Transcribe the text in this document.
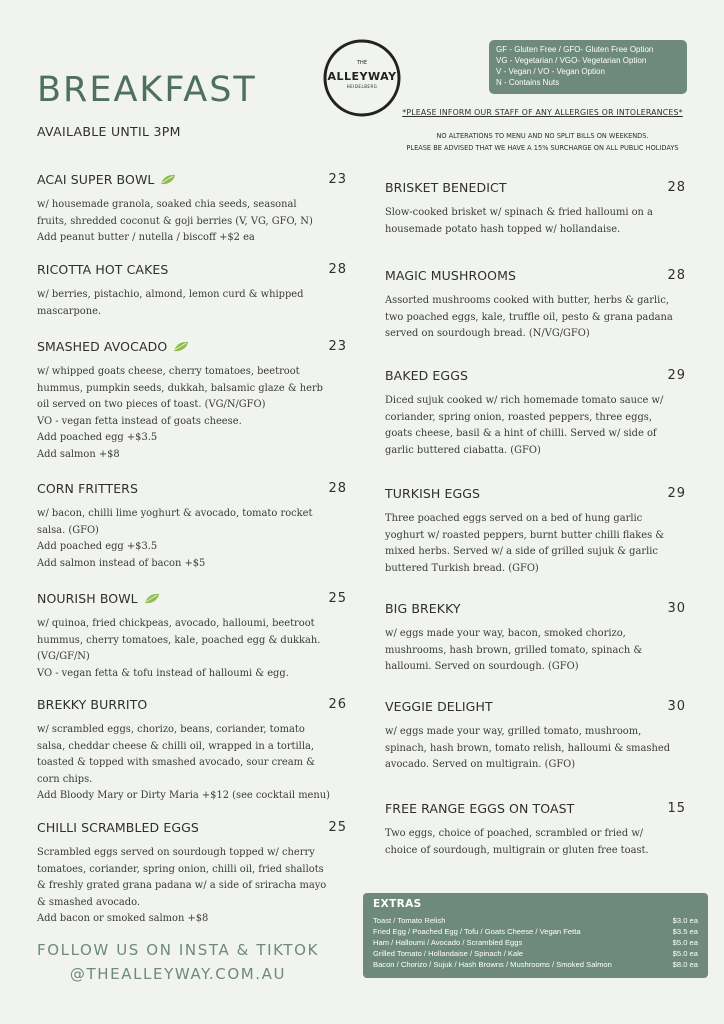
BREAKFAST
AVAILABLE UNTIL 3PM
THE
ALLEYWAY
HEIDELBERG
GF - Gluten Free / GFO- Gluten Free Option
VG - Vegetarian / VGO- Vegetarian Option
V - Vegan / VO - Vegan Option
N - Contains Nuts
*PLEASE INFORM OUR STAFF OF ANY ALLERGIES OR INTOLERANCES*
NO ALTERATIONS TO MENU AND NO SPLIT BILLS ON WEEKENDS.
PLEASE BE ADVISED THAT WE HAVE A 15% SURCHARGE ON ALL PUBLIC HOLIDAYS
ACAI SUPER BOWL	23
w/ housemade granola, soaked chia seeds, seasonal
fruits, shredded coconut & goji berries (V, VG, GFO, N)
Add peanut butter / nutella / biscoff +$2 ea
RICOTTA HOT CAKES	28
w/ berries, pistachio, almond, lemon curd & whipped
mascarpone.
SMASHED AVOCADO	23
w/ whipped goats cheese, cherry tomatoes, beetroot
hummus, pumpkin seeds, dukkah, balsamic glaze & herb
oil served on two pieces of toast. (VG/N/GFO)
VO - vegan fetta instead of goats cheese.
Add poached egg +$3.5
Add salmon +$8
CORN FRITTERS	28
w/ bacon, chilli lime yoghurt & avocado, tomato rocket
salsa. (GFO)
Add poached egg +$3.5
Add salmon instead of bacon +$5
NOURISH BOWL	25
w/ quinoa, fried chickpeas, avocado, halloumi, beetroot
hummus, cherry tomatoes, kale, poached egg & dukkah.
(VG/GF/N)
VO - vegan fetta & tofu instead of halloumi & egg.
BREKKY BURRITO	26
w/ scrambled eggs, chorizo, beans, coriander, tomato
salsa, cheddar cheese & chilli oil, wrapped in a tortilla,
toasted & topped with smashed avocado, sour cream &
corn chips.
Add Bloody Mary or Dirty Maria +$12 (see cocktail menu)
CHILLI SCRAMBLED EGGS	25
Scrambled eggs served on sourdough topped w/ cherry
tomatoes, coriander, spring onion, chilli oil, fried shallots
& freshly grated grana padana w/ a side of sriracha mayo
& smashed avocado.
Add bacon or smoked salmon +$8
BRISKET BENEDICT	28
Slow-cooked brisket w/ spinach & fried halloumi on a
housemade potato hash topped w/ hollandaise.
MAGIC MUSHROOMS	28
Assorted mushrooms cooked with butter, herbs & garlic,
two poached eggs, kale, truffle oil, pesto & grana padana
served on sourdough bread. (N/VG/GFO)
BAKED EGGS	29
Diced sujuk cooked w/ rich homemade tomato sauce w/
coriander, spring onion, roasted peppers, three eggs,
goats cheese, basil & a hint of chilli. Served w/ side of
garlic buttered ciabatta. (GFO)
TURKISH EGGS	29
Three poached eggs served on a bed of hung garlic
yoghurt w/ roasted peppers, burnt butter chilli flakes &
mixed herbs. Served w/ a side of grilled sujuk & garlic
buttered Turkish bread. (GFO)
BIG BREKKY	30
w/ eggs made your way, bacon, smoked chorizo,
mushrooms, hash brown, grilled tomato, spinach &
halloumi. Served on sourdough. (GFO)
VEGGIE DELIGHT	30
w/ eggs made your way, grilled tomato, mushroom,
spinach, hash brown, tomato relish, halloumi & smashed
avocado. Served on multigrain. (GFO)
FREE RANGE EGGS ON TOAST	15
Two eggs, choice of poached, scrambled or fried w/
choice of sourdough, multigrain or gluten free toast.
FOLLOW US ON INSTA & TIKTOK
@THEALLEYWAY.COM.AU
EXTRAS
Toast / Tomato Relish	$3.0 ea
Fried Egg / Poached Egg / Tofu / Goats Cheese / Vegan Fetta	$3.5 ea
Ham / Halloumi / Avocado / Scrambled Eggs	$5.0 ea
Grilled Tomato / Hollandaise / Spinach / Kale	$5.0 ea
Bacon / Chorizo / Sujuk / Hash Browns / Mushrooms / Smoked Salmon	$8.0 ea
